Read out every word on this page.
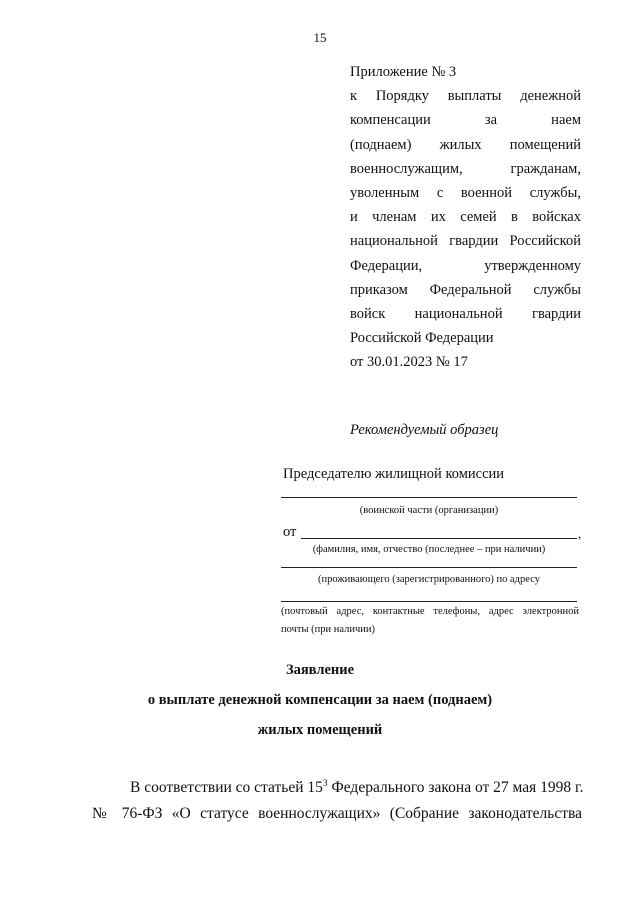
15
Приложение № 3
к Порядку выплаты денежной
компенсации за наем
(поднаем) жилых помещений
военнослужащим, гражданам,
уволенным с военной службы,
и членам их семей в войсках
национальной гвардии Российской
Федерации, утвержденному
приказом Федеральной службы
войск национальной гвардии
Российской Федерации
от 30.01.2023 № 17
Рекомендуемый образец
Председателю жилищной комиссии
(воинской части (организации)
от	,
(фамилия, имя, отчество (последнее – при наличии)
(проживающего (зарегистрированного) по адресу
(почтовый адрес, контактные телефоны, адрес электронной
почты (при наличии)
Заявление
о выплате денежной компенсации за наем (поднаем)
жилых помещений
В соответствии со статьей $15^3$ Федерального закона от 27 мая 1998 г.
№ 76-ФЗ «О статусе военнослужащих» (Собрание законодательства
